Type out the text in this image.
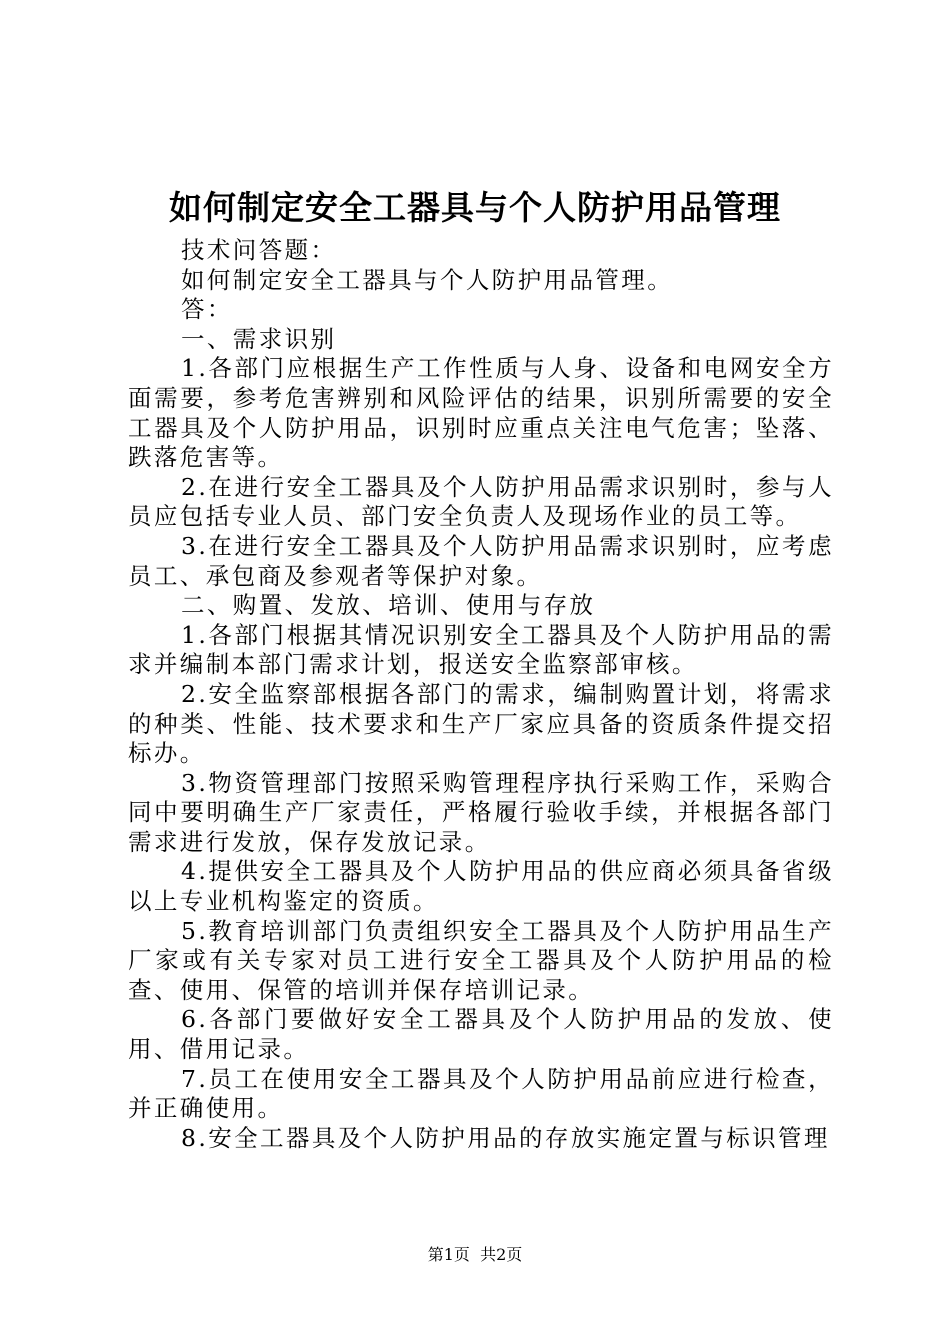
如何制定安全工器具与个人防护用品管理

技术问答题：

如何制定安全工器具与个人防护用品管理。

答：

一、需求识别

1.各部门应根据生产工作性质与人身、设备和电网安全方面需要，参考危害辨别和风险评估的结果，识别所需要的安全工器具及个人防护用品，识别时应重点关注电气危害；坠落、跌落危害等。

2.在进行安全工器具及个人防护用品需求识别时，参与人员应包括专业人员、部门安全负责人及现场作业的员工等。

3.在进行安全工器具及个人防护用品需求识别时，应考虑员工、承包商及参观者等保护对象。

二、购置、发放、培训、使用与存放

1.各部门根据其情况识别安全工器具及个人防护用品的需求并编制本部门需求计划，报送安全监察部审核。

2.安全监察部根据各部门的需求，编制购置计划，将需求的种类、性能、技术要求和生产厂家应具备的资质条件提交招标办。

3.物资管理部门按照采购管理程序执行采购工作，采购合同中要明确生产厂家责任，严格履行验收手续，并根据各部门需求进行发放，保存发放记录。

4.提供安全工器具及个人防护用品的供应商必须具备省级以上专业机构鉴定的资质。

5.教育培训部门负责组织安全工器具及个人防护用品生产厂家或有关专家对员工进行安全工器具及个人防护用品的检查、使用、保管的培训并保存培训记录。

6.各部门要做好安全工器具及个人防护用品的发放、使用、借用记录。

7.员工在使用安全工器具及个人防护用品前应进行检查，并正确使用。

8.安全工器具及个人防护用品的存放实施定置与标识管理

第1页  共2页
